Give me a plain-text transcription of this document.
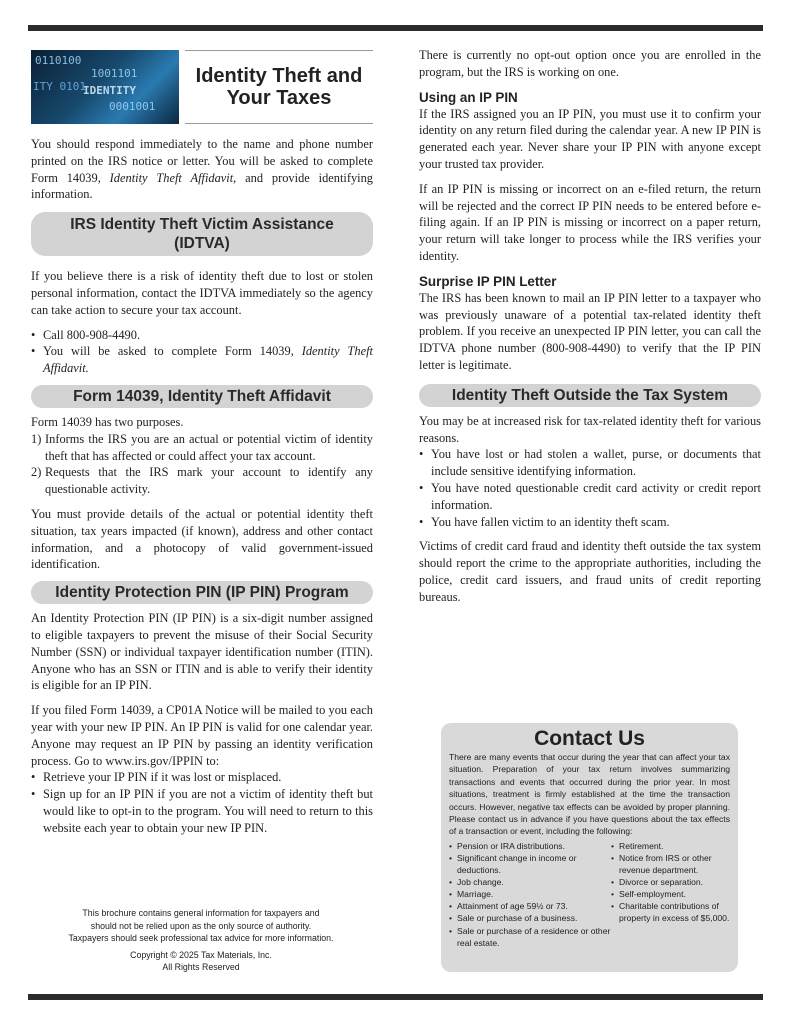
0110100
1001101
IDENTITY
0001001
ITY 0101	Identity Theft and Your Taxes

You should respond immediately to the name and phone number printed on the IRS notice or letter. You will be asked to complete Form 14039, Identity Theft Affidavit, and provide identifying information.

IRS Identity Theft Victim Assistance (IDTVA)

If you believe there is a risk of identity theft due to lost or stolen personal information, contact the IDTVA immediately so the agency can take action to secure your tax account.

• Call 800-908-4490.
• You will be asked to complete Form 14039, Identity Theft Affidavit.
Form 14039, Identity Theft Affidavit

Form 14039 has two purposes.

1) Informs the IRS you are an actual or potential victim of identity theft that has affected or could affect your tax account.
2) Requests that the IRS mark your account to identify any questionable activity.

You must provide details of the actual or potential identity theft situation, tax years impacted (if known), address and other contact information, and a photocopy of valid government-issued identification.

Identity Protection PIN (IP PIN) Program

An Identity Protection PIN (IP PIN) is a six-digit number assigned to eligible taxpayers to prevent the misuse of their Social Security Number (SSN) or individual taxpayer identification number (ITIN). Anyone who has an SSN or ITIN and is able to verify their identity is eligible for an IP PIN.

If you filed Form 14039, a CP01A Notice will be mailed to you each year with your new IP PIN. An IP PIN is valid for one calendar year. Anyone may request an IP PIN by passing an identity verification process. Go to www.irs.gov/IPPIN to:

• Retrieve your IP PIN if it was lost or misplaced.
• Sign up for an IP PIN if you are not a victim of identity theft but would like to opt-in to the program. You will need to return to this website each year to obtain your new IP PIN.
This brochure contains general information for taxpayers and
should not be relied upon as the only source of authority.
Taxpayers should seek professional tax advice for more information.
Copyright © 2025 Tax Materials, Inc.
All Rights Reserved

There is currently no opt-out option once you are enrolled in the program, but the IRS is working on one.

Using an IP PIN

If the IRS assigned you an IP PIN, you must use it to confirm your identity on any return filed during the calendar year. A new IP PIN is generated each year. Never share your IP PIN with anyone except your trusted tax provider.

If an IP PIN is missing or incorrect on an e-filed return, the return will be rejected and the correct IP PIN needs to be entered before e-filing again. If an IP PIN is missing or incorrect on a paper return, your return will take longer to process while the IRS verifies your identity.

Surprise IP PIN Letter

The IRS has been known to mail an IP PIN letter to a taxpayer who was previously unaware of a potential tax-related identity theft problem. If you receive an unexpected IP PIN letter, you can call the IDTVA phone number (800-908-4490) to verify that the IP PIN letter is legitimate.

Identity Theft Outside the Tax System

You may be at increased risk for tax-related identity theft for various reasons.

• You have lost or had stolen a wallet, purse, or documents that include sensitive identifying information.
• You have noted questionable credit card activity or credit report information.
• You have fallen victim to an identity theft scam.

Victims of credit card fraud and identity theft outside the tax system should report the crime to the appropriate authorities, including the police, credit card issuers, and fraud units of credit reporting bureaus.

Contact Us
There are many events that occur during the year that can affect your tax situation. Preparation of your tax return involves summarizing transactions and events that occurred during the prior year. In most situations, treatment is firmly established at the time the transaction occurs. However, negative tax effects can be avoided by proper planning. Please contact us in advance if you have questions about the tax effects of a transaction or event, including the following:
• Pension or IRA distributions.
• Significant change in income or deductions.
• Job change.
• Marriage.
• Attainment of age 59½ or 73.
• Sale or purchase of a business.
• Sale or purchase of a residence or other real estate.
• Retirement.
• Notice from IRS or other revenue department.
• Divorce or separation.
• Self-employment.
• Charitable contributions of property in excess of $5,000.
